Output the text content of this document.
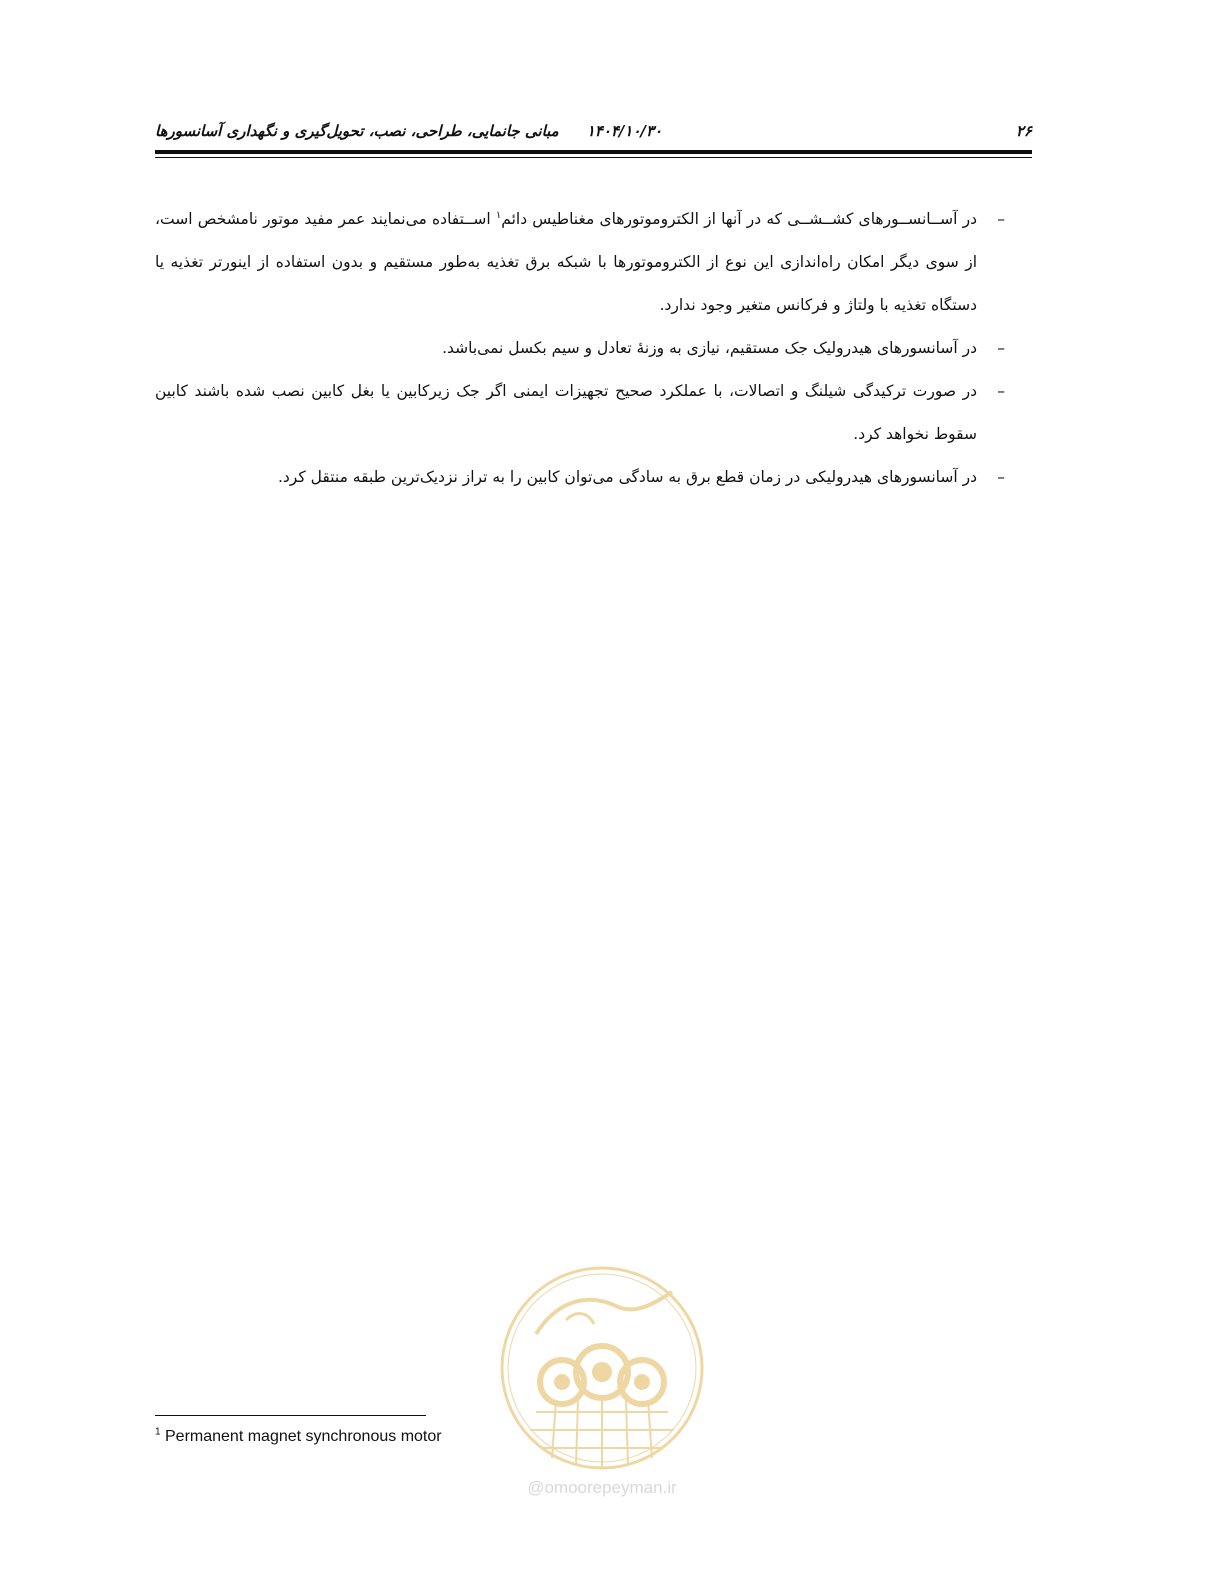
۲۶
۱۴۰۴/۱۰/۳۰مبانی جانمایی، طراحی، نصب، تحویل‌گیری و نگهداری آسانسورها
–
در آســانســورهای کشــشــی که در آنها از الکتروموتورهای مغناطیس دائم$^۱$ اســتفاده می‌نمایند عمر مفید موتور نامشخص است، از سوی دیگر امکان راه‌اندازی این نوع از الکتروموتورها با شبکه برق تغذیه به‌طور مستقیم و بدون استفاده از اینورتر تغذیه یا دستگاه تغذیه با ولتاژ و فرکانس متغیر وجود ندارد.
–
در آسانسورهای هیدرولیک جک مستقیم، نیازی به وزنۀ تعادل و سیم بکسل نمی‌باشد.
–
در صورت ترکیدگی شیلنگ و اتصالات، با عملکرد صحیح تجهیزات ایمنی اگر جک زیرکابین یا بغل کابین نصب شده باشند کابین سقوط نخواهد کرد.
–
در آسانسورهای هیدرولیکی در زمان قطع برق به سادگی می‌توان کابین را به تراز نزدیک‌ترین طبقه منتقل کرد.
@omoorepeyman.ir
$^1$ Permanent magnet synchronous motor
